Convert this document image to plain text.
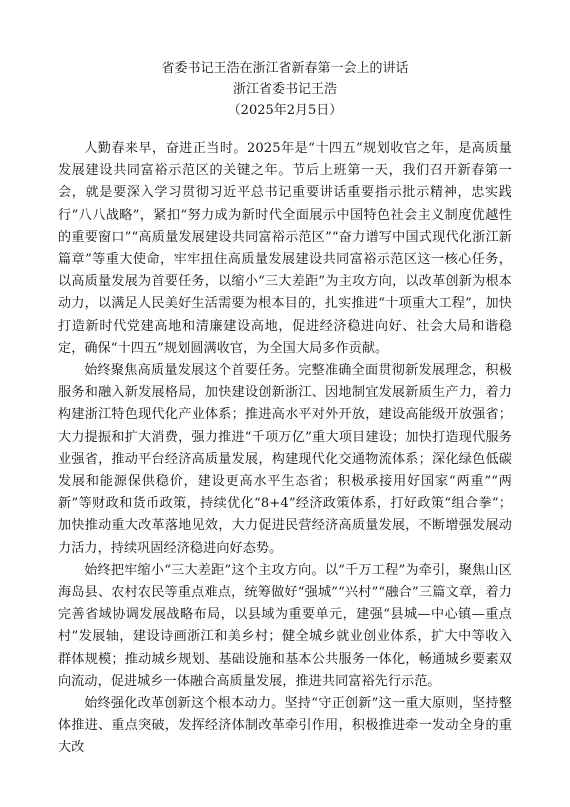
省委书记王浩在浙江省新春第一会上的讲话
浙江省委书记王浩
（2025年2月5日）

人勤春来早，奋进正当时。2025年是“十四五”规划收官之年，是高质量发展建设共同富裕示范区的关键之年。节后上班第一天，我们召开新春第一会，就是要深入学习贯彻习近平总书记重要讲话重要指示批示精神，忠实践行“八八战略”，紧扣“努力成为新时代全面展示中国特色社会主义制度优越性的重要窗口”“高质量发展建设共同富裕示范区”“奋力谱写中国式现代化浙江新篇章”等重大使命，牢牢扭住高质量发展建设共同富裕示范区这一核心任务，以高质量发展为首要任务，以缩小“三大差距”为主攻方向，以改革创新为根本动力，以满足人民美好生活需要为根本目的，扎实推进“十项重大工程”，加快打造新时代党建高地和清廉建设高地，促进经济稳进向好、社会大局和谐稳定，确保“十四五”规划圆满收官，为全国大局多作贡献。

始终聚焦高质量发展这个首要任务。完整准确全面贯彻新发展理念，积极服务和融入新发展格局，加快建设创新浙江、因地制宜发展新质生产力，着力构建浙江特色现代化产业体系；推进高水平对外开放，建设高能级开放强省；大力提振和扩大消费，强力推进“千项万亿”重大项目建设；加快打造现代服务业强省，推动平台经济高质量发展，构建现代化交通物流体系；深化绿色低碳发展和能源保供稳价，建设更高水平生态省；积极承接用好国家“两重”“两新”等财政和货币政策，持续优化“8+4”经济政策体系，打好政策“组合拳”；加快推动重大改革落地见效，大力促进民营经济高质量发展，不断增强发展动力活力，持续巩固经济稳进向好态势。

始终把牢缩小“三大差距”这个主攻方向。以“千万工程”为牵引，聚焦山区海岛县、农村农民等重点难点，统筹做好“强城”“兴村”“融合”三篇文章，着力完善省域协调发展战略布局，以县域为重要单元，建强“县城—中心镇—重点村”发展轴，建设诗画浙江和美乡村；健全城乡就业创业体系，扩大中等收入群体规模；推动城乡规划、基础设施和基本公共服务一体化，畅通城乡要素双向流动，促进城乡一体融合高质量发展，推进共同富裕先行示范。

始终强化改革创新这个根本动力。坚持“守正创新”这一重大原则，坚持整体推进、重点突破，发挥经济体制改革牵引作用，积极推进牵一发动全身的重大改
